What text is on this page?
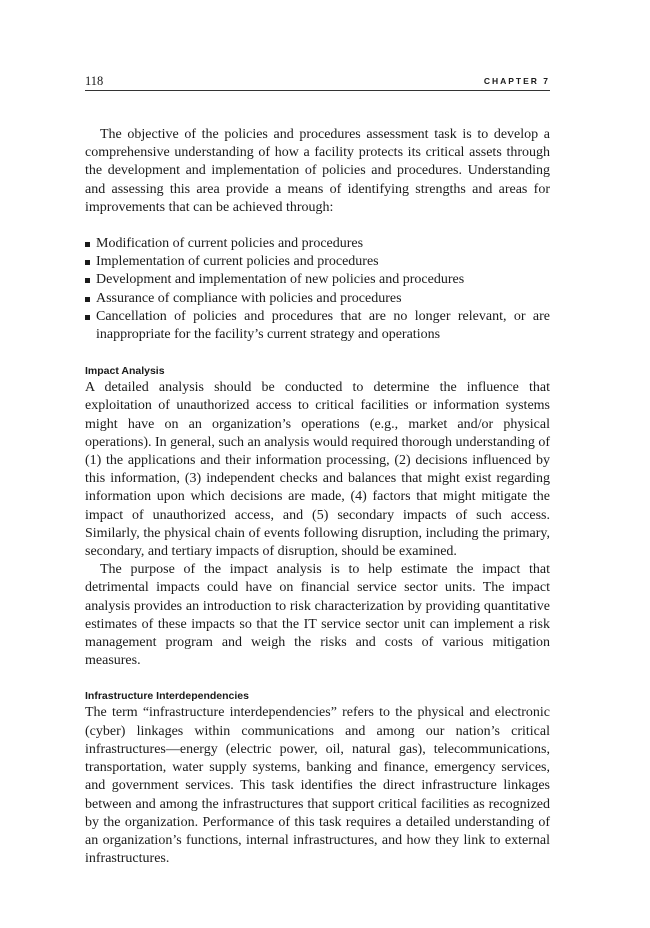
118	CHAPTER 7

The objective of the policies and procedures assessment task is to develop a comprehensive understanding of how a facility protects its critical assets through the development and implementation of policies and procedures. Understanding and assessing this area provide a means of identifying strengths and areas for improvements that can be achieved through:

Modification of current policies and procedures
Implementation of current policies and procedures
Development and implementation of new policies and procedures
Assurance of compliance with policies and procedures
Cancellation of policies and procedures that are no longer relevant, or are inappropriate for the facility’s current strategy and operations
Impact Analysis

A detailed analysis should be conducted to determine the influence that exploitation of unauthorized access to critical facilities or information systems might have on an organization’s operations (e.g., market and/or physical operations). In general, such an analysis would required thorough understanding of (1) the applications and their information processing, (2) decisions influenced by this information, (3) independent checks and balances that might exist regarding information upon which decisions are made, (4) factors that might mitigate the impact of unauthorized access, and (5) secondary impacts of such access. Similarly, the physical chain of events following disruption, including the primary, secondary, and tertiary impacts of disruption, should be examined.

The purpose of the impact analysis is to help estimate the impact that detrimental impacts could have on financial service sector units. The impact analysis provides an introduction to risk characterization by providing quantitative estimates of these impacts so that the IT service sector unit can implement a risk management program and weigh the risks and costs of various mitigation measures.

Infrastructure Interdependencies

The term “infrastructure interdependencies” refers to the physical and electronic (cyber) linkages within communications and among our nation’s critical infrastructures—energy (electric power, oil, natural gas), telecommunications, transportation, water supply systems, banking and finance, emergency services, and government services. This task identifies the direct infrastructure linkages between and among the infrastructures that support critical facilities as recognized by the organization. Performance of this task requires a detailed understanding of an organization’s functions, internal infrastructures, and how they link to external infrastructures.
